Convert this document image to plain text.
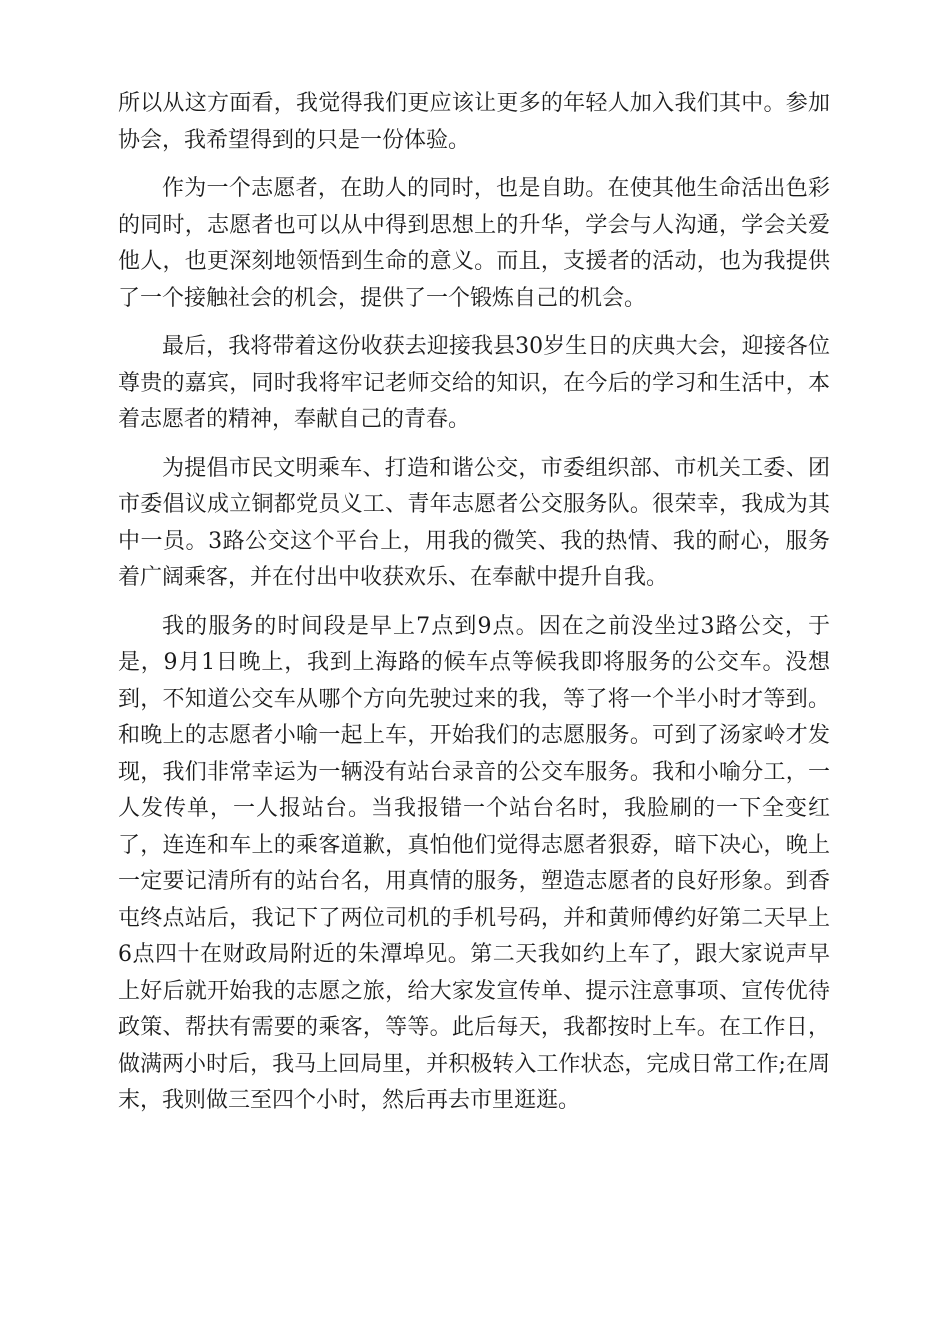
所以从这方面看，我觉得我们更应该让更多的年轻人加入我们其中。参加协会，我希望得到的只是一份体验。

作为一个志愿者，在助人的同时，也是自助。在使其他生命活出色彩的同时，志愿者也可以从中得到思想上的升华，学会与人沟通，学会关爱他人，也更深刻地领悟到生命的意义。而且，支援者的活动，也为我提供了一个接触社会的机会，提供了一个锻炼自己的机会。

最后，我将带着这份收获去迎接我县30岁生日的庆典大会，迎接各位尊贵的嘉宾，同时我将牢记老师交给的知识，在今后的学习和生活中，本着志愿者的精神，奉献自己的青春。

为提倡市民文明乘车、打造和谐公交，市委组织部、市机关工委、团市委倡议成立铜都党员义工、青年志愿者公交服务队。很荣幸，我成为其中一员。3路公交这个平台上，用我的微笑、我的热情、我的耐心，服务着广阔乘客，并在付出中收获欢乐、在奉献中提升自我。

我的服务的时间段是早上7点到9点。因在之前没坐过3路公交，于是，9月1日晚上，我到上海路的候车点等候我即将服务的公交车。没想到，不知道公交车从哪个方向先驶过来的我，等了将一个半小时才等到。和晚上的志愿者小喻一起上车，开始我们的志愿服务。可到了汤家岭才发现，我们非常幸运为一辆没有站台录音的公交车服务。我和小喻分工，一人发传单，一人报站台。当我报错一个站台名时，我脸刷的一下全变红了，连连和车上的乘客道歉，真怕他们觉得志愿者狠孬，暗下决心，晚上一定要记清所有的站台名，用真情的服务，塑造志愿者的良好形象。到香屯终点站后，我记下了两位司机的手机号码，并和黄师傅约好第二天早上6点四十在财政局附近的朱潭埠见。第二天我如约上车了，跟大家说声早上好后就开始我的志愿之旅，给大家发宣传单、提示注意事项、宣传优待政策、帮扶有需要的乘客，等等。此后每天，我都按时上车。在工作日，做满两小时后，我马上回局里，并积极转入工作状态，完成日常工作;在周末，我则做三至四个小时，然后再去市里逛逛。
